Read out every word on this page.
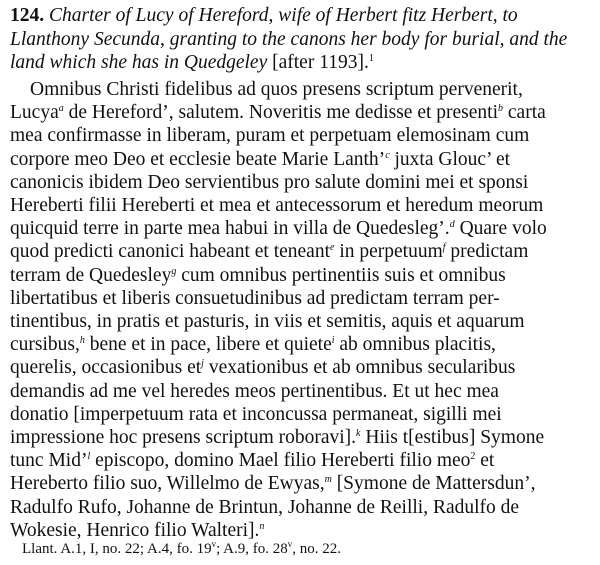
124. Charter of Lucy of Hereford, wife of Herbert fitz Herbert, to
Llanthony Secunda, granting to the canons her body for burial, and the
land which she has in Quedgeley [after 1193].$^1$
Omnibus Christi fidelibus ad quos presens scriptum pervenerit,
Lucya$^a$ de Hereford’, salutem. Noveritis me dedisse et presenti$^b$ carta
mea confirmasse in liberam, puram et perpetuam elemosinam cum
corpore meo Deo et ecclesie beate Marie Lanth’$^c$ juxta Glouc’ et
canonicis ibidem Deo servientibus pro salute domini mei et sponsi
Hereberti filii Hereberti et mea et antecessorum et heredum meorum
quicquid terre in parte mea habui in villa de Quedesleg’.$^d$ Quare volo
quod predicti canonici habeant et teneant$^e$ in perpetuum$^f$ predictam
terram de Quedesley$^g$ cum omnibus pertinentiis suis et omnibus
libertatibus et liberis consuetudinibus ad predictam terram per-
tinentibus, in pratis et pasturis, in viis et semitis, aquis et aquarum
cursibus,$^h$ bene et in pace, libere et quiete$^i$ ab omnibus placitis,
querelis, occasionibus $et^j$ vexationibus et ab omnibus secularibus
demandis ad me vel heredes meos pertinentibus. Et ut hec mea
donatio [imperpetuum rata et inconcussa permaneat, sigilli mei
impressione hoc presens scriptum roboravi].$^k$ Hiis t[estibus] Symone
tunc Mid’$^l$ episcopo, domino Mael filio Hereberti filio meo$^2$ et
Hereberto filio suo, Willelmo de Ewyas,$^m$ [Symone de Mattersdun’,
Radulfo Rufo, Johanne de Brintun, Johanne de Reilli, Radulfo de
Wokesie, Henrico filio Walteri].$^n$
Llant. A.1, I, no. 22; A.4, fo. 19$^v$; A.9, fo. 28$^v$, no. 22.
